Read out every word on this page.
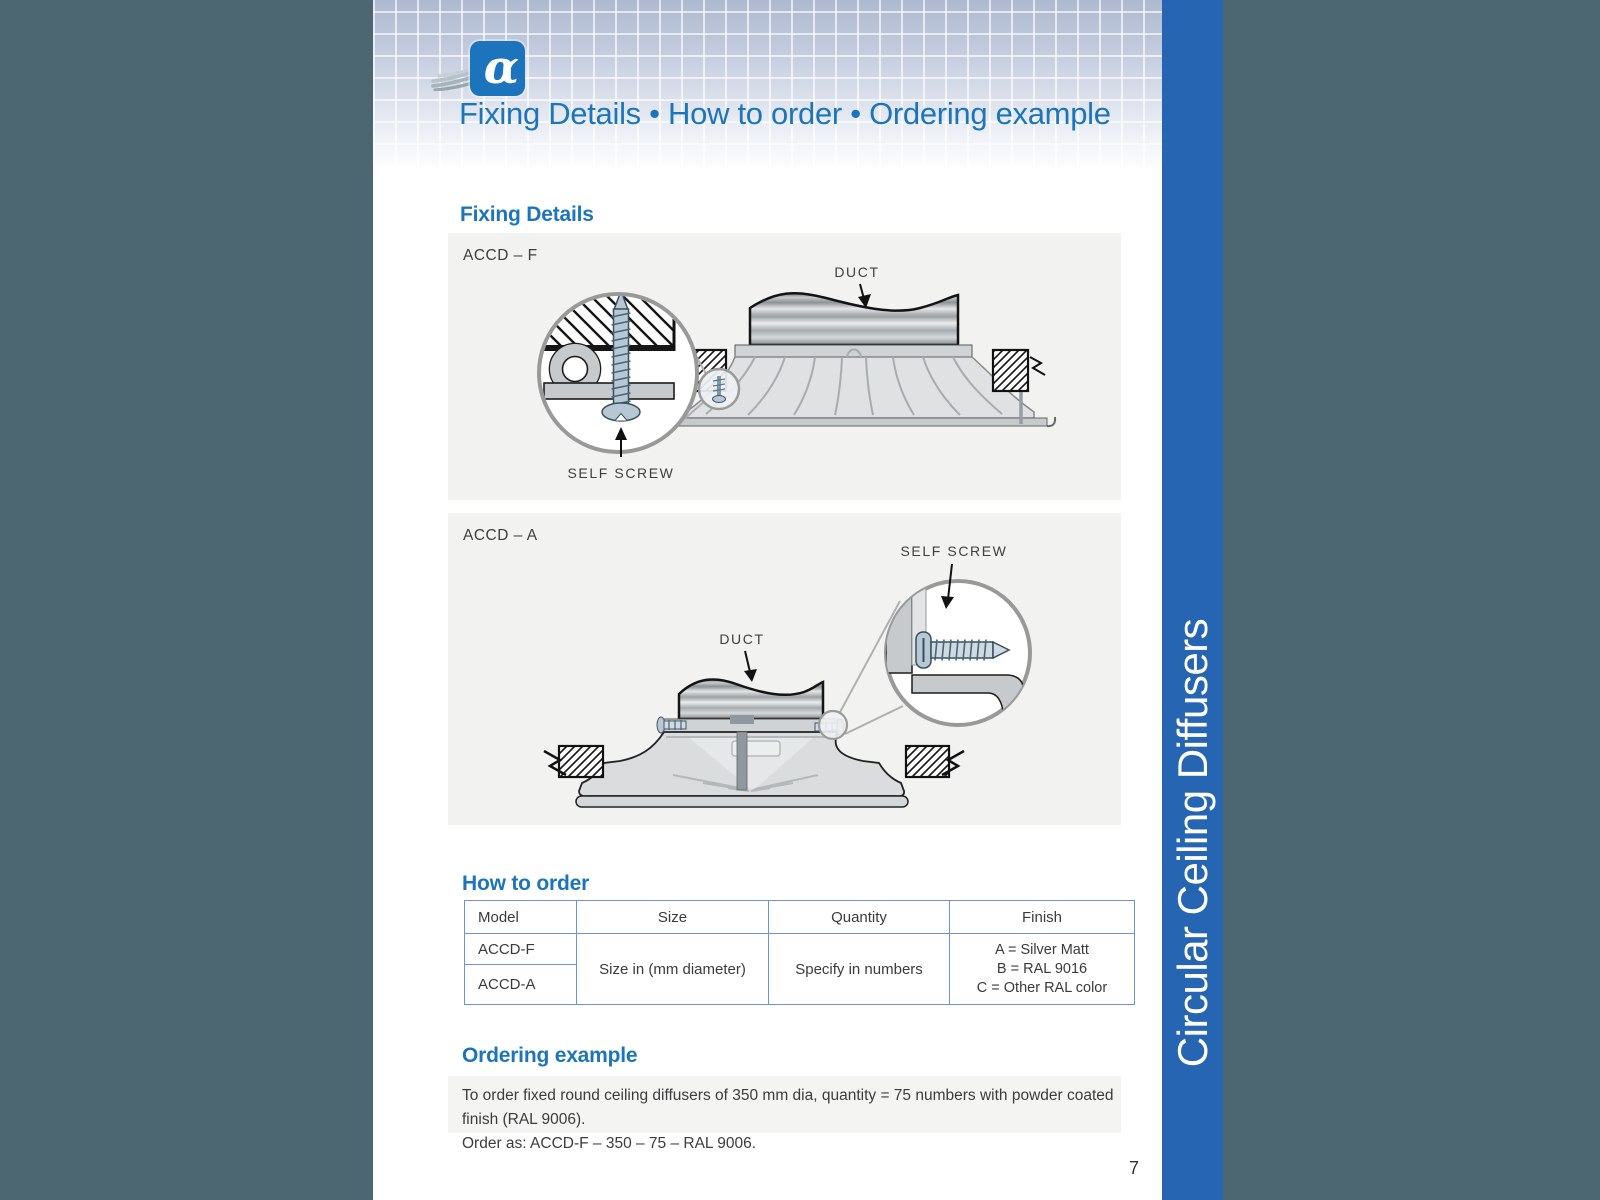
α
Fixing Details • How to order • Ordering example
Fixing Details
ACCD – F
SELF SCREW
DUCT
ACCD – A
SELF SCREW
DUCT
How to order
Model	Size	Quantity	Finish
ACCD-F	Size in (mm diameter)	Specify in numbers	A = Silver Matt
B = RAL 9016
C = Other RAL color

ACCD-A			
Ordering example

To order fixed round ceiling diffusers of 350 mm dia, quantity = 75 numbers with powder coated finish (RAL 9006).

Order as: ACCD-F – 350 – 75 – RAL 9006.

7
Circular Ceiling Diffusers
